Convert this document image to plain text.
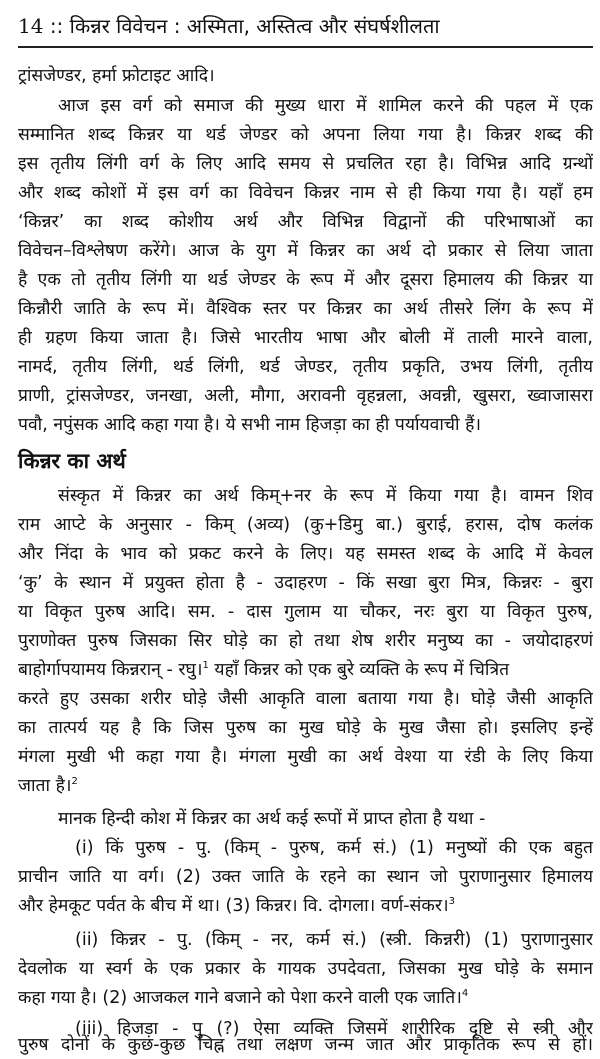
14 :: किन्नर विवेचन : अस्मिता, अस्तित्व और संघर्षशीलता
ट्रांसजेण्डर, हर्मा फ्रोटाइट आदि।
आज इस वर्ग को समाज की मुख्य धारा में शामिल करने की पहल में एक
सम्मानित शब्द किन्नर या थर्ड जेण्डर को अपना लिया गया है। किन्नर शब्द की
इस तृतीय लिंगी वर्ग के लिए आदि समय से प्रचलित रहा है। विभिन्न आदि ग्रन्थों
और शब्द कोशों में इस वर्ग का विवेचन किन्नर नाम से ही किया गया है। यहाँ हम
‘किन्नर’ का शब्द कोशीय अर्थ और विभिन्न विद्वानों की परिभाषाओं का
विवेचन–विश्लेषण करेंगे। आज के युग में किन्नर का अर्थ दो प्रकार से लिया जाता
है एक तो तृतीय लिंगी या थर्ड जेण्डर के रूप में और दूसरा हिमालय की किन्नर या
किन्नौरी जाति के रूप में। वैश्विक स्तर पर किन्नर का अर्थ तीसरे लिंग के रूप में
ही ग्रहण किया जाता है। जिसे भारतीय भाषा और बोली में ताली मारने वाला,
नामर्द, तृतीय लिंगी, थर्ड लिंगी, थर्ड जेण्डर, तृतीय प्रकृति, उभय लिंगी, तृतीय
प्राणी, ट्रांसजेण्डर, जनखा, अली, मौगा, अरावनी वृहन्नला, अवन्नी, खुसरा, ख्वाजासरा
पवौ, नपुंसक आदि कहा गया है। ये सभी नाम हिजड़ा का ही पर्यायवाची हैं।
किन्नर का अर्थ
संस्कृत में किन्नर का अर्थ किम्+नर के रूप में किया गया है। वामन शिव
राम आप्टे के अनुसार - किम् (अव्य) (कु+डिमु बा.) बुराई, हरास, दोष कलंक
और निंदा के भाव को प्रकट करने के लिए। यह समस्त शब्द के आदि में केवल
‘कु’ के स्थान में प्रयुक्त होता है - उदाहरण - किं सखा बुरा मित्र, किन्नरः - बुरा
या विकृत पुरुष आदि। सम. - दास गुलाम या चौकर, नरः बुरा या विकृत पुरुष,
पुराणोक्त पुरुष जिसका सिर घोड़े का हो तथा शेष शरीर मनुष्य का - जयोदाहरणं
बाहोर्गापयामय किन्नरान् - रघु।$^1$ यहाँ किन्नर को एक बुरे व्यक्ति के रूप में चित्रित
करते हुए उसका शरीर घोड़े जैसी आकृति वाला बताया गया है। घोड़े जैसी आकृति
का तात्पर्य यह है कि जिस पुरुष का मुख घोड़े के मुख जैसा हो। इसलिए इन्हें
मंगला मुखी भी कहा गया है। मंगला मुखी का अर्थ वेश्या या रंडी के लिए किया
जाता है।$^2$
मानक हिन्दी कोश में किन्नर का अर्थ कई रूपों में प्राप्त होता है यथा -
(i) किं पुरुष - पु. (किम् - पुरुष, कर्म सं.) (1) मनुष्यों की एक बहुत
प्राचीन जाति या वर्ग। (2) उक्त जाति के रहने का स्थान जो पुराणानुसार हिमालय
और हेमकूट पर्वत के बीच में था। (3) किन्नर। वि. दोगला। वर्ण-संकर।$^3$
(ii) किन्नर - पु. (किम् - नर, कर्म सं.) (स्त्री. किन्नरी) (1) पुराणानुसार
देवलोक या स्वर्ग के एक प्रकार के गायक उपदेवता, जिसका मुख घोड़े के समान
कहा गया है। (2) आजकल गाने बजाने को पेशा करने वाली एक जाति।$^4$
(iii) हिजड़ा - पु (?) ऐसा व्यक्ति जिसमें शारीरिक दृष्टि से स्त्री और
पुरुष दोनों के कुछ-कुछ चिह्न तथा लक्षण जन्म जात और प्राकृतिक रूप से हों।
